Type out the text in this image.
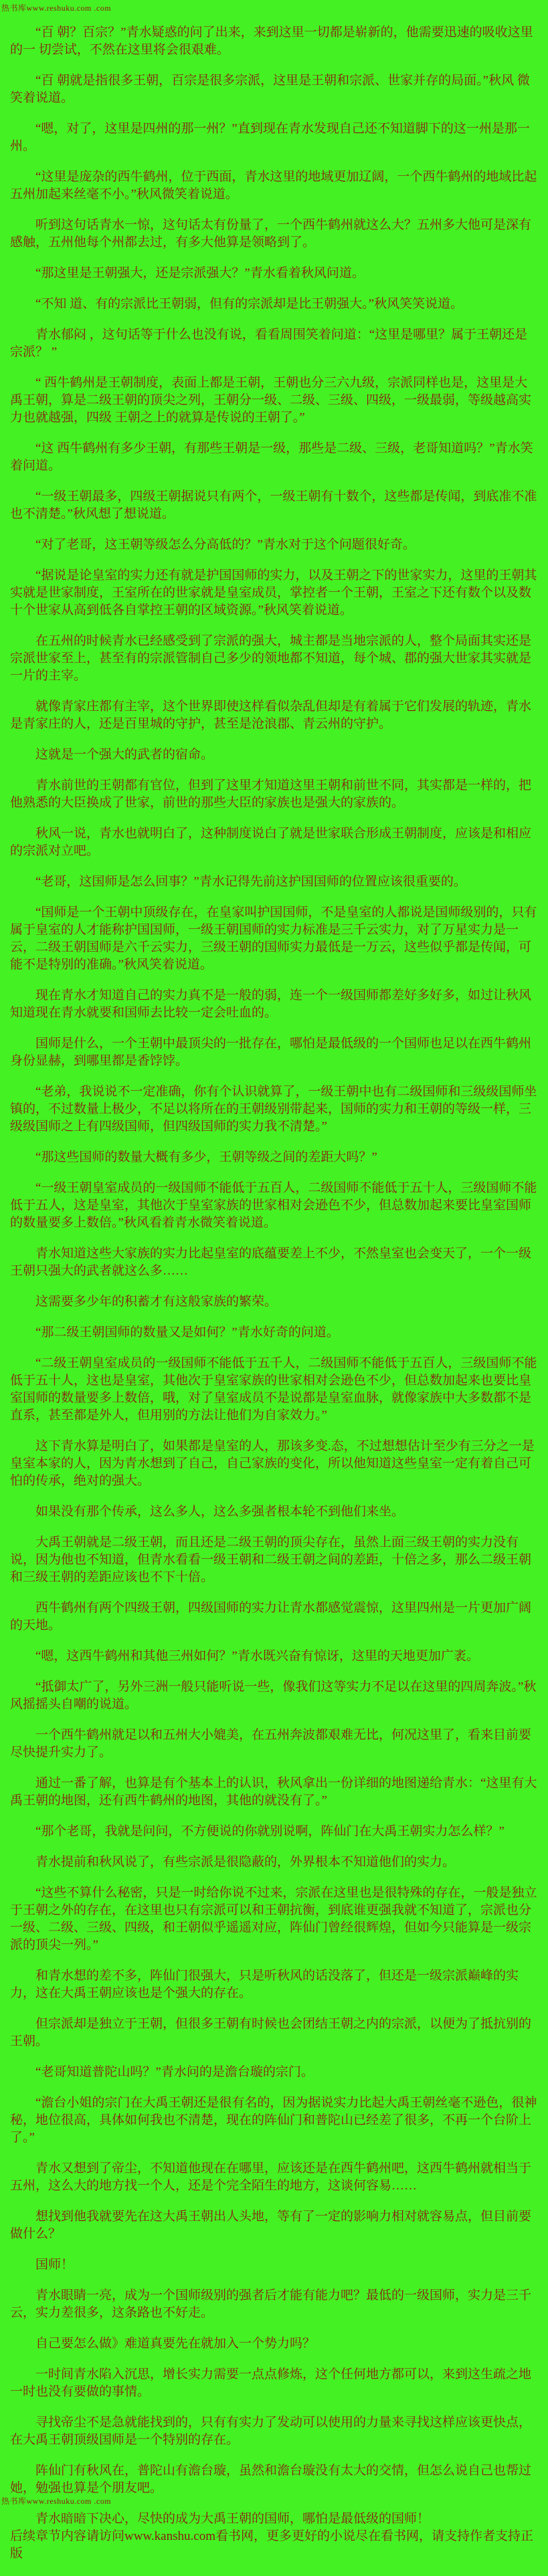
热书库www.reshuku.com .com

“百 朝？百宗？”青水疑惑的问了出来，来到这里一切都是崭新的，他需要迅速的吸收这里的一 切尝试，不然在这里将会很艰难。

“百 朝就是指很多王朝，百宗是很多宗派，这里是王朝和宗派、世家并存的局面。”秋风 微笑着说道。

“嗯，对了，这里是四州的那一州？”直到现在青水发现自己还不知道脚下的这一州是那一州。

“这里是庞杂的西牛鹤州，位于西面，青水这里的地域更加辽阔，一个西牛鹤州的地域比起五州加起来丝毫不小。”秋风微笑着说道。

听到这句话青水一惊，这句话太有份量了，一个西牛鹤州就这么大？五州多大他可是深有感触，五州他每个州都去过，有多大他算是领略到了。

“那这里是王朝强大，还是宗派强大？”青水看着秋风问道。

“不知 道、有的宗派比王朝弱，但有的宗派却是比王朝强大。”秋风笑笑说道。

青水郁闷 ，这句话等于什么也没有说，看看周围笑着问道：“这里是哪里？属于王朝还是宗派？ ”

“ 西牛鹤州是王朝制度，表面上都是王朝，王朝也分三六九级，宗派同样也是，这里是大禹王朝，算是二级王朝的顶尖之列，王朝分一级、二级、三级、四级，一级最弱，等级越高实力也就越强，四级 王朝之上的就算是传说的王朝了。”

“这 西牛鹤州有多少王朝，有那些王朝是一级，那些是二级、三级，老哥知道吗？”青水笑着问道。

“一级王朝最多，四级王朝据说只有两个，一级王朝有十数个，这些都是传闻，到底准不准也不清楚。”秋风想了想说道。

“对了老哥，这王朝等级怎么分高低的？”青水对于这个问题很好奇。

“据说是论皇室的实力还有就是护国国师的实力，以及王朝之下的世家实力，这里的王朝其实就是世家制度，王室所在的世家就是皇室成员，掌控者一个王朝，王室之下还有数个以及数十个世家从高到低各自掌控王朝的区域资源。”秋风笑着说道。

在五州的时候青水已经感受到了宗派的强大，城主都是当地宗派的人，整个局面其实还是宗派世家至上，甚至有的宗派管制自己多少的领地都不知道，每个城、郡的强大世家其实就是一片的主宰。

就像青家庄都有主宰，这个世界即使这样看似杂乱但却是有着属于它们发展的轨迹，青水是青家庄的人，还是百里城的守护，甚至是沧浪郡、青云州的守护。

这就是一个强大的武者的宿命。

青水前世的王朝都有官位，但到了这里才知道这里王朝和前世不同，其实都是一样的，把他熟悉的大臣换成了世家，前世的那些大臣的家族也是强大的家族的。

秋风一说，青水也就明白了，这种制度说白了就是世家联合形成王朝制度，应该是和相应的宗派对立吧。

“老哥，这国师是怎么回事？”青水记得先前这护国国师的位置应该很重要的。

“国师是一个王朝中顶级存在，在皇家叫护国国师，不是皇室的人都说是国师级别的，只有属于皇室的人才能称护国国师，一级王朝国师的实力标准是三千云实力，对了万星实力是一云，二级王朝国师是六千云实力，三级王朝的国师实力最低是一万云，这些似乎都是传闻，可能不是特别的准确。”秋风笑着说道。

现在青水才知道自己的实力真不是一般的弱，连一个一级国师都差好多好多，如过让秋风知道现在青水就要和国师去比较一定会吐血的。

国师是什么，一个王朝中最顶尖的一批存在，哪怕是最低级的一个国师也足以在西牛鹤州身份显赫，到哪里都是香饽饽。

“老弟，我说说不一定准确，你有个认识就算了，一级王朝中也有二级国师和三级级国师坐镇的，不过数量上极少，不足以将所在的王朝级别带起来，国师的实力和王朝的等级一样，三级级国师之上有四级国师，但四级国师的实力我不清楚。”

“那这些国师的数量大概有多少，王朝等级之间的差距大吗？”

“一级王朝皇室成员的一级国师不能低于五百人，二级国师不能低于五十人，三级国师不能低于五人，这是皇室，其他次于皇室家族的世家相对会逊色不少，但总数加起来要比皇室国师的数量要多上数倍。”秋风看着青水微笑着说道。

青水知道这些大家族的实力比起皇室的底蕴要差上不少，不然皇室也会变天了，一个一级王朝只强大的武者就这么多……

这需要多少年的积蓄才有这般家族的繁荣。

“那二级王朝国师的数量又是如何？”青水好奇的问道。

“二级王朝皇室成员的一级国师不能低于五千人，二级国师不能低于五百人，三级国师不能低于五十人，这也是皇室，其他次于皇室家族的世家相对会逊色不少，但总数加起来也要比皇室国师的数量要多上数倍，哦，对了皇室成员不是说都是皇室血脉，就像家族中大多数都不是直系，甚至都是外人，但用别的方法让他们为自家效力。”

这下青水算是明白了，如果都是皇室的人，那该多变.态，不过想想估计至少有三分之一是皇室本家的人，因为青水想到了自己，自己家族的变化，所以他知道这些皇室一定有着自己可怕的传承，绝对的强大。

如果没有那个传承，这么多人，这么多强者根本轮不到他们来坐。

大禹王朝就是二级王朝，而且还是二级王朝的顶尖存在，虽然上面三级王朝的实力没有说，因为他也不知道，但青水看看一级王朝和二级王朝之间的差距，十倍之多，那么二级王朝和三级王朝的差距应该也不下十倍。

西牛鹤州有两个四级王朝，四级国师的实力让青水都感觉震惊，这里四州是一片更加广阔的天地。

“嗯，这西牛鹤州和其他三州如何？”青水既兴奋有惊讶，这里的天地更加广袤。

“抵御太广了，另外三洲一般只能听说一些，像我们这等实力不足以在这里的四周奔波。”秋风摇摇头自嘲的说道。

一个西牛鹤州就足以和五州大小媲美，在五州奔波都艰难无比，何况这里了，看来目前要尽快提升实力了。

通过一番了解，也算是有个基本上的认识，秋风拿出一份详细的地图递给青水：“这里有大禹王朝的地图，还有西牛鹤州的地图，其他的就没有了。”

“那个老哥，我就是问问，不方便说的你就别说啊，阵仙门在大禹王朝实力怎么样？”

青水提前和秋风说了，有些宗派是很隐蔽的，外界根本不知道他们的实力。

“这些不算什么秘密，只是一时给你说不过来，宗派在这里也是很特殊的存在，一般是独立于王朝之外的存在，在这里也只有宗派可以和王朝抗衡，到底谁更强我就不知道了，宗派也分一级、二级、三级、四级，和王朝似乎遥遥对应，阵仙门曾经很辉煌，但如今只能算是一级宗派的顶尖一列。”

和青水想的差不多，阵仙门很强大，只是听秋风的话没落了，但还是一级宗派巅峰的实力，这在大禹王朝应该也是个强大的存在。

但宗派却是独立于王朝，但很多王朝有时候也会团结王朝之内的宗派，以便为了抵抗别的王朝。

“老哥知道普陀山吗？”青水问的是澹台璇的宗门。

“澹台小姐的宗门在大禹王朝还是很有名的，因为据说实力比起大禹王朝丝毫不逊色，很神秘，地位很高，具体如何我也不清楚，现在的阵仙门和普陀山已经差了很多，不再一个台阶上了。”

青水又想到了帝尘，不知道他现在在哪里，应该还是在西牛鹤州吧，这西牛鹤州就相当于五州，这么大的地方找一个人，还是个完全陌生的地方，这谈何容易……

想找到他我就要先在这大禹王朝出人头地，等有了一定的影响力相对就容易点，但目前要做什么？

国师！

青水眼睛一亮，成为一个国师级别的强者后才能有能力吧？最低的一级国师，实力是三千云，实力差很多，这条路也不好走。

自己要怎么做》难道真要先在就加入一个势力吗？

一时间青水陷入沉思，增长实力需要一点点修炼，这个任何地方都可以，来到这生疏之地一时也没有要做的事情。

寻找帝尘不是急就能找到的，只有有实力了发动可以使用的力量来寻找这样应该更快点，在大禹王朝顶级国师是一个特别的存在。

阵仙门有秋风在，普陀山有澹台璇，虽然和澹台璇没有太大的交情，但怎么说自己也帮过她，勉强也算是个朋友吧。

青水暗暗下决心，尽快的成为大禹王朝的国师，哪怕是最低级的国师！

后续章节内容请访问www.kanshu.com看书网，更多更好的小说尽在看书网，请支持作者支持正版

热书库www.reshuku.com .com
